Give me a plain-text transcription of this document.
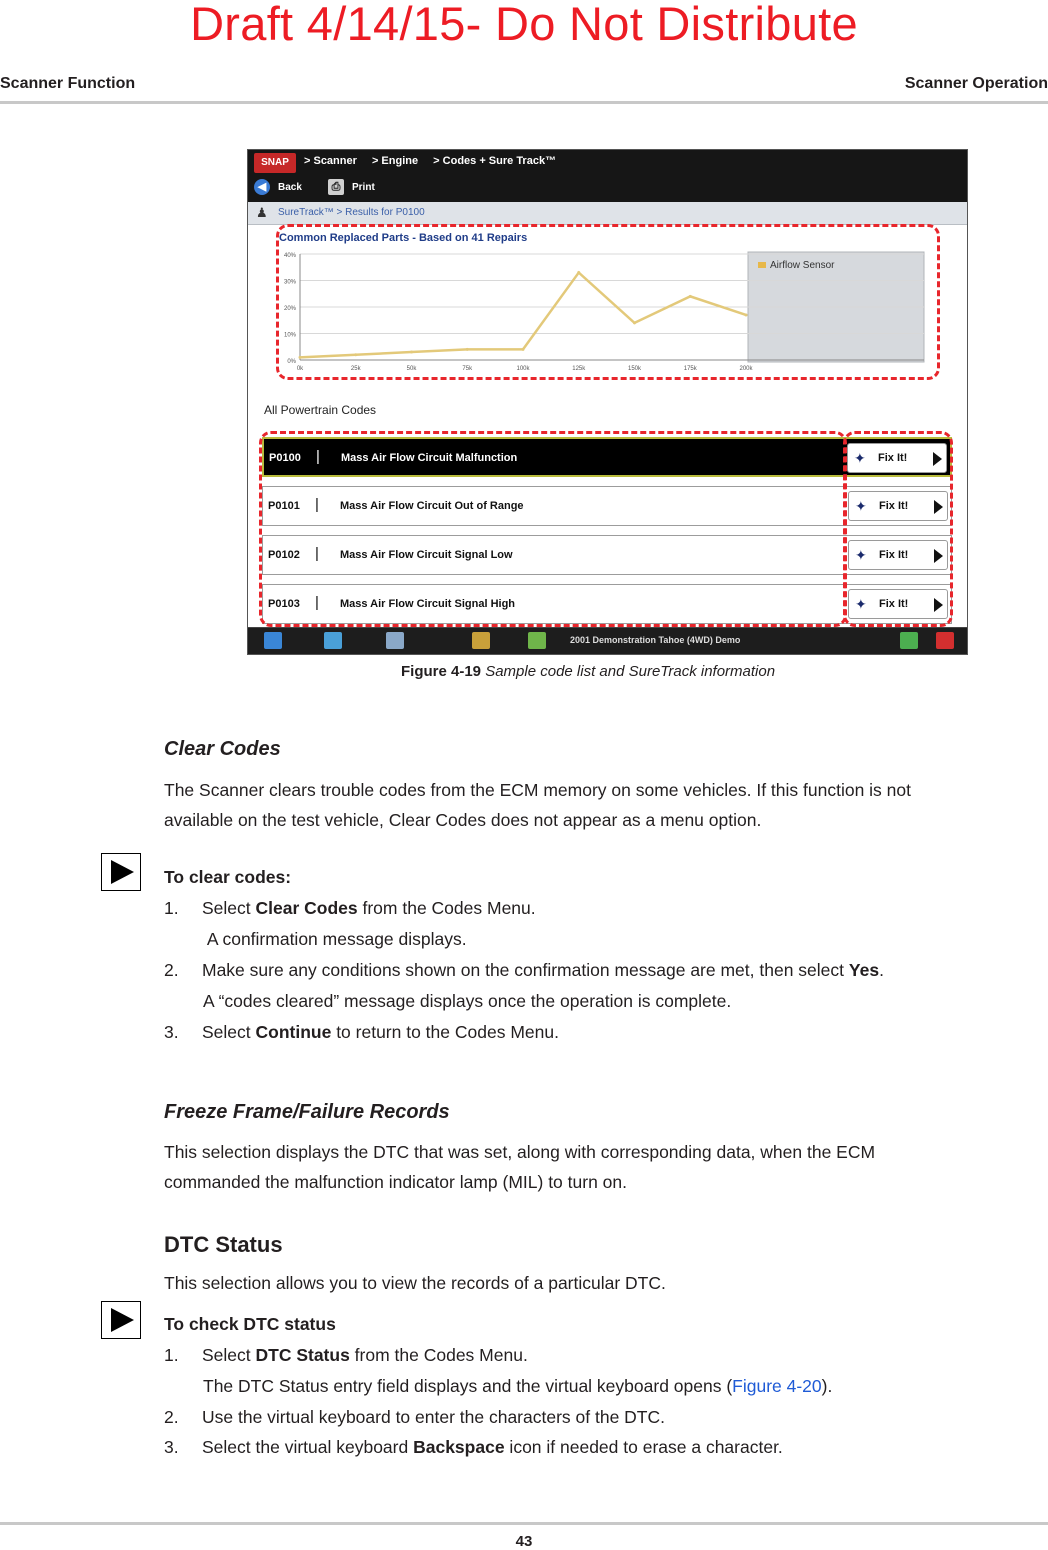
Draft 4/14/15- Do Not Distribute
Scanner Function	Scanner Operation
SNAP	> Scanner > Engine > Codes + Sure Track™
◀	Back	⎙	Print
♟ SureTrack™ > Results for P0100
Common Replaced Parts - Based on 41 Repairs
0%
10%
20%
30%
40%
0k	25k	50k	75k	100k	125k	150k	175k	200k
Airflow Sensor
All Powertrain Codes
P0100 | Mass Air Flow Circuit Malfunction	✦ Fix It!
P0101 | Mass Air Flow Circuit Out of Range	✦ Fix It!
P0102 | Mass Air Flow Circuit Signal Low	✦ Fix It!
P0103 | Mass Air Flow Circuit Signal High	✦ Fix It!
2001 Demonstration Tahoe (4WD) Demo
Figure 4-19 Sample code list and SureTrack information
Clear Codes
The Scanner clears trouble codes from the ECM memory on some vehicles. If this function is not
available on the test vehicle, Clear Codes does not appear as a menu option.
To clear codes:
1. Select Clear Codes from the Codes Menu.
A confirmation message displays.
2. Make sure any conditions shown on the confirmation message are met, then select Yes.
A “codes cleared” message displays once the operation is complete.
3. Select Continue to return to the Codes Menu.
Freeze Frame/Failure Records
This selection displays the DTC that was set, along with corresponding data, when the ECM
commanded the malfunction indicator lamp (MIL) to turn on.
DTC Status
This selection allows you to view the records of a particular DTC.
To check DTC status
1. Select DTC Status from the Codes Menu.
The DTC Status entry field displays and the virtual keyboard opens (Figure 4-20).
2. Use the virtual keyboard to enter the characters of the DTC.
3. Select the virtual keyboard Backspace icon if needed to erase a character.
43
